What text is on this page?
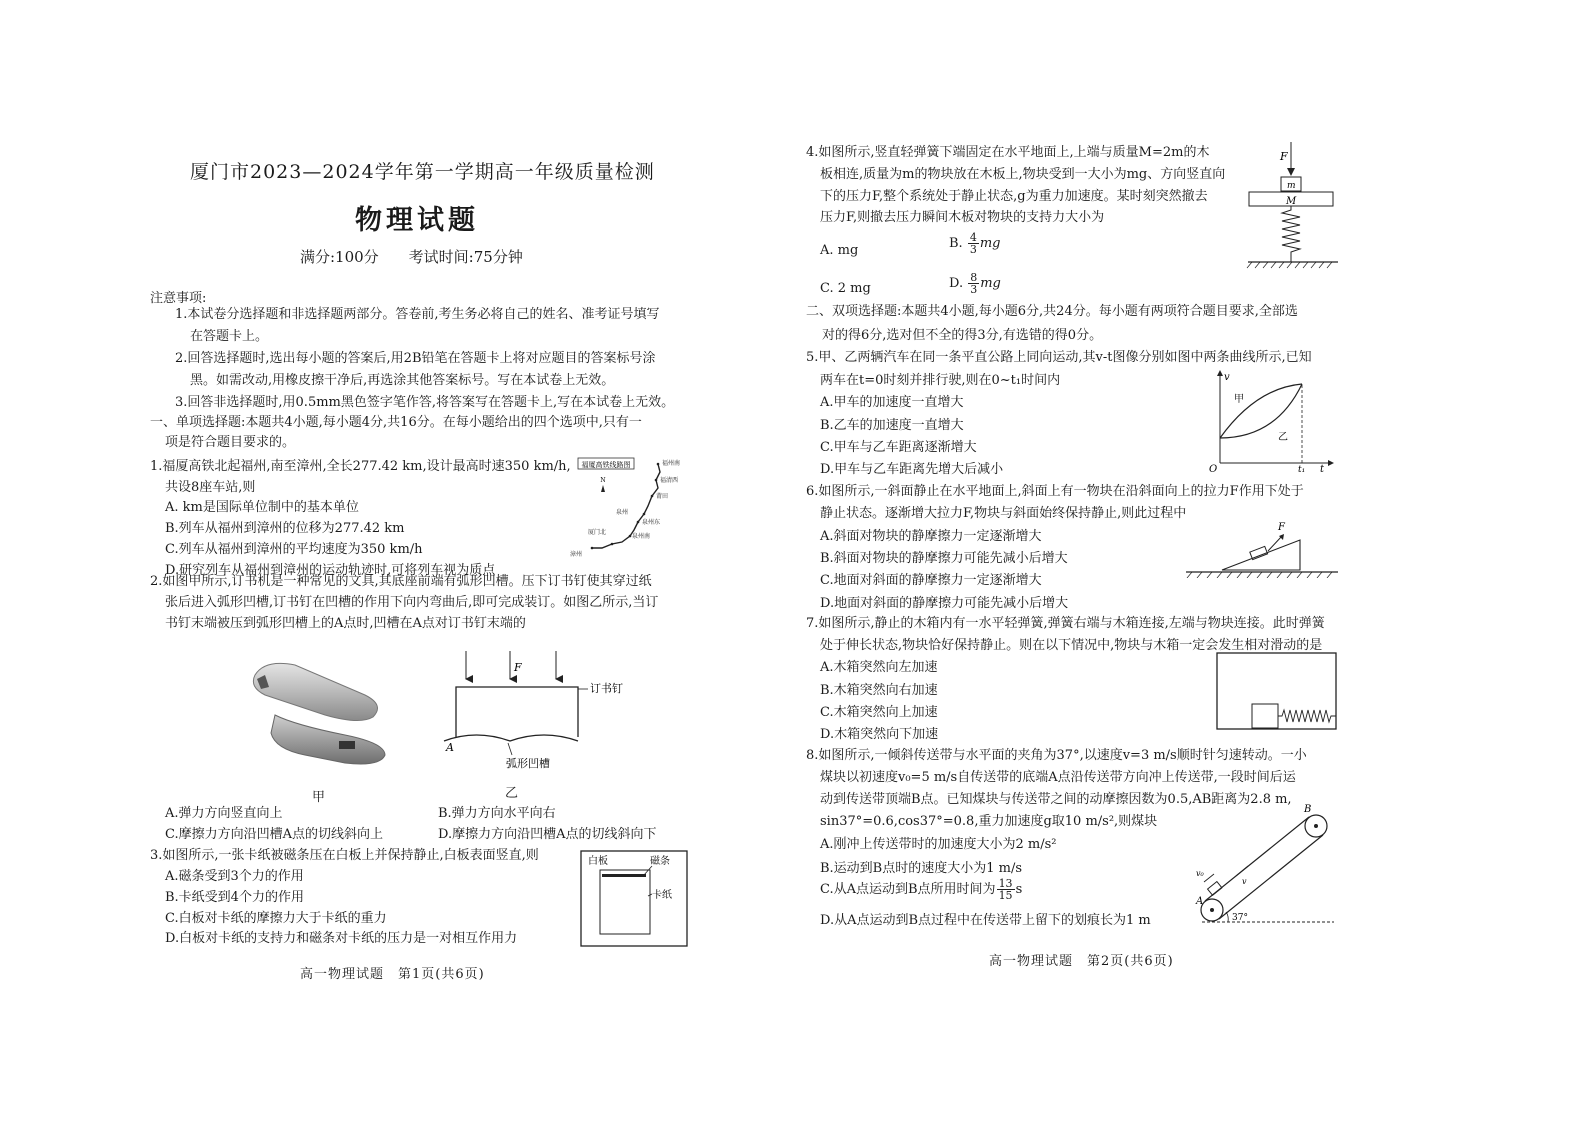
厦门市2023—2024学年第一学期高一年级质量检测
物理试题
满分:100分　　考试时间:75分钟
注意事项:
1.本试卷分选择题和非选择题两部分。答卷前,考生务必将自己的姓名、准考证号填写
在答题卡上。
2.回答选择题时,选出每小题的答案后,用2B铅笔在答题卡上将对应题目的答案标号涂
黑。如需改动,用橡皮擦干净后,再选涂其他答案标号。写在本试卷上无效。
3.回答非选择题时,用0.5mm黑色签字笔作答,将答案写在答题卡上,写在本试卷上无效。
一、单项选择题:本题共4小题,每小题4分,共16分。在每小题给出的四个选项中,只有一
项是符合题目要求的。
1.福厦高铁北起福州,南至漳州,全长277.42 km,设计最高时速350 km/h,
共设8座车站,则
A. km是国际单位制中的基本单位
B.列车从福州到漳州的位移为277.42 km
C.列车从福州到漳州的平均速度为350 km/h
D.研究列车从福州到漳州的运动轨迹时,可将列车视为质点
福厦高铁线路图
N
福州南
福清西
莆田
泉州
泉州东
泉州南
厦门北
漳州
2.如图甲所示,订书机是一种常见的文具,其底座前端有弧形凹槽。压下订书钉使其穿过纸
张后进入弧形凹槽,订书钉在凹槽的作用下向内弯曲后,即可完成装订。如图乙所示,当订
书钉末端被压到弧形凹槽上的A点时,凹槽在A点对订书钉末端的
甲
F
订书钉
A
弧形凹槽
乙
A.弹力方向竖直向上	B.弹力方向水平向右
C.摩擦力方向沿凹槽A点的切线斜向上	D.摩擦力方向沿凹槽A点的切线斜向下
3.如图所示,一张卡纸被磁条压在白板上并保持静止,白板表面竖直,则
A.磁条受到3个力的作用
B.卡纸受到4个力的作用
C.白板对卡纸的摩擦力大于卡纸的重力
D.白板对卡纸的支持力和磁条对卡纸的压力是一对相互作用力
白板	磁条
卡纸
高一物理试题　第1页(共6页)
4.如图所示,竖直轻弹簧下端固定在水平地面上,上端与质量M=2m的木
板相连,质量为m的物块放在木板上,物块受到一大小为mg、方向竖直向
下的压力F,整个系统处于静止状态,g为重力加速度。某时刻突然撤去
压力F,则撤去压力瞬间木板对物块的支持力大小为
A. mg	B. $\frac{4}{3}$ mg
C. 2 mg	D. $\frac{8}{3}$ mg
F
m
M
二、双项选择题:本题共4小题,每小题6分,共24分。每小题有两项符合题目要求,全部选
对的得6分,选对但不全的得3分,有选错的得0分。
5.甲、乙两辆汽车在同一条平直公路上同向运动,其v-t图像分别如图中两条曲线所示,已知
两车在t=0时刻并排行驶,则在0~t₁时间内
A.甲车的加速度一直增大
B.乙车的加速度一直增大
C.甲车与乙车距离逐渐增大
D.甲车与乙车距离先增大后减小
v
t
O	t₁
甲
乙
6.如图所示,一斜面静止在水平地面上,斜面上有一物块在沿斜面向上的拉力F作用下处于
静止状态。逐渐增大拉力F,物块与斜面始终保持静止,则此过程中
A.斜面对物块的静摩擦力一定逐渐增大
B.斜面对物块的静摩擦力可能先减小后增大
C.地面对斜面的静摩擦力一定逐渐增大
D.地面对斜面的静摩擦力可能先减小后增大
F
7.如图所示,静止的木箱内有一水平轻弹簧,弹簧右端与木箱连接,左端与物块连接。此时弹簧
处于伸长状态,物块恰好保持静止。则在以下情况中,物块与木箱一定会发生相对滑动的是
A.木箱突然向左加速
B.木箱突然向右加速
C.木箱突然向上加速
D.木箱突然向下加速
8.如图所示,一倾斜传送带与水平面的夹角为37°,以速度v=3 m/s顺时针匀速转动。一小
煤块以初速度v₀=5 m/s自传送带的底端A点沿传送带方向冲上传送带,一段时间后运
动到传送带顶端B点。已知煤块与传送带之间的动摩擦因数为0.5,AB距离为2.8 m,
sin37°=0.6,cos37°=0.8,重力加速度g取10 m/s²,则煤块
A.刚冲上传送带时的加速度大小为2 m/s²
B.运动到B点时的速度大小为1 m/s
C.从A点运动到B点所用时间为 $\frac{13}{15}$ s
D.从A点运动到B点过程中在传送带上留下的划痕长为1 m
B
A
v₀
v
37°
高一物理试题　第2页(共6页)
